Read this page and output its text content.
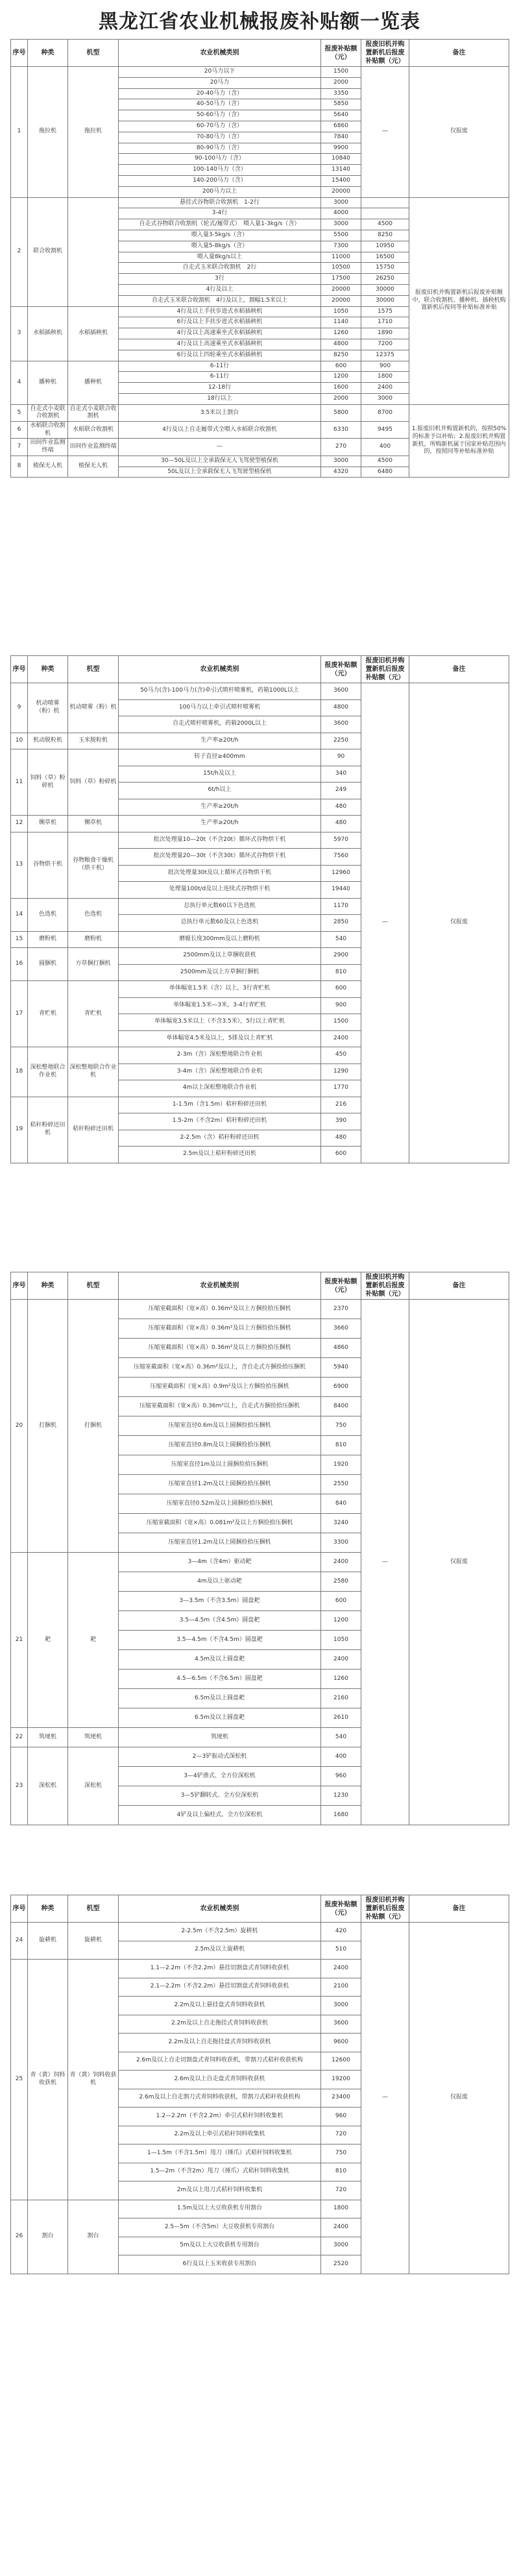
黑龙江省农业机械报废补贴额一览表
序号	种类	机型	农业机械类别	报废补贴额（元）	报废旧机并购置新机后报废补贴额（元）	备注
1	拖拉机	拖拉机	20马力以下	1500	—	仅报废
			20马力	2000		
			20-40马力（含）	3350		
			40-50马力（含）	5850		
			50-60马力（含）	5640		
			60-70马力（含）	6860		
			70-80马力（含）	7840		
			80-90马力（含）	9900		
			90-100马力（含）	10840		
			100-140马力（含）	13140		
			140-200马力（含）	15400		
			200马力以上	20000		
2	联合收割机		悬挂式谷物联合收割机　1-2行	3000		报废旧机并购置新机后报废补贴额中，联合收割机、播种机、插秧机购置新机后按同等补贴标准补贴
			3-4行	4000		
			自走式谷物联合收割机（轮式/履带式）　喂入量1-3kg/s（含）	3000	4500	
			喂入量3-5kg/s（含）	5500	8250	
			喂入量5-8kg/s（含）	7300	10950	
			喂入量8kg/s以上	11000	16500	
			自走式玉米联合收割机　2行	10500	15750	
			3行	17500	26250	
			4行及以上	20000	30000	
			自走式玉米联合收割机　4行及以上，割幅1.5米以上	20000	30000	
3	水稻插秧机	水稻插秧机	4行及以上手扶步进式水稻插秧机	1050	1575	
			6行及以上手扶步进式水稻插秧机	1140	1710	
			4行及以上高速乘坐式水稻插秧机	1260	1890	
			4行及以上高速乘坐式水稻插秧机	4800	7200	
			6行及以上四轮乘坐式水稻插秧机	8250	12375	
4	播种机	播种机	6-11行	600	900	
			6-11行	1200	1800	
			12-18行	1600	2400	
			18行以上	2000	3000	
5	自走式小麦联合收割机	自走式小麦联合收割机	3.5米以上割台	5800	8700	1.报废旧机并购置新机的，按照50%的标准予以补贴；2.报废旧机并购置新机，所购新机属于国家补贴范围内的，按照同等补贴标准补贴
6	水稻联合收割机	水稻联合收割机	4行及以上自走履带式全喂入水稻联合收割机	6330	9495	
7	田间作业监测终端	田间作业监测终端	—	270	400	
8	植保无人机	植保无人机	30—50L及以上全承载保无人飞驾驶型植保机	3000	4500	
			50L及以上全承载保无人飞驾驶型植保机	4320	6480	
序号	种类	机型	农业机械类别	报废补贴额（元）	报废旧机并购置新机后报废补贴额（元）	备注
9	机动喷雾（粉）机	机动喷雾（粉）机	50马力(含)-100马力(含)牵引式喷杆喷雾机，药箱1000L以上	3600	—	仅报废
			100马力以上牵引式喷杆喷雾机	4800		
			自走式喷杆喷雾机，药箱2000L以上	3600		
10	机动脱粒机	玉米脱粒机	生产率≥20t/h	2250		
11	饲料（草）粉碎机	饲料（草）粉碎机	转子直径≥400mm	90		
			15t/h及以上	340		
			6t/h以上	249		
			生产率≥20t/h	480		
12	铡草机	铡草机	生产率≥20t/h	480		
13	谷物烘干机	谷物粮食干燥机（烘干机）	批次处理量10—20t（不含20t）循环式谷物烘干机	5970		
			批次处理量20—30t（不含30t）循环式谷物烘干机	7560		
			批次处理量30t及以上循环式谷物烘干机	12960		
			处理量100t/d及以上连续式谷物烘干机	19440		
14	色选机	色选机	总执行单元数60以下色选机	1170		
			总执行单元数60及以上色选机	2850		
15	磨粉机	磨粉机	磨辊长度300mm及以上磨粉机	540		
16	圆捆机	方草捆打捆机	2500mm及以上草捆收获机	2900		
			2500mm及以上方草捆打捆机	810		
17	青贮机	青贮机	单体幅宽1.5米（含）以上，3行青贮机	600		
			单体幅宽1.5米—3米，3-4行青贮机	900		
			单体幅宽3.5米以上（不含3.5米），5行以上青贮机	1500		
			单体幅宽4.5米及以上，5排及以上青贮机	2400		
18	深松整地联合作业机	深松整地联合作业机	2-3m（含）深松整地联合作业机	450		
			3-4m（含）深松整地联合作业机	1290		
			4m以上深松整地联合作业机	1770		
19	秸秆粉碎还田机	秸秆粉碎还田机	1-1.5m（含1.5m）秸秆粉碎还田机	216		
			1.5-2m（不含2m）秸秆粉碎还田机	390		
			2-2.5m（含）秸秆粉碎还田机	480		
			2.5m及以上秸秆粉碎还田机	600		
序号	种类	机型	农业机械类别	报废补贴额（元）	报废旧机并购置新机后报废补贴额（元）	备注
20	打捆机	打捆机	压缩室截面积（宽×高）0.36m²及以上方捆捡拾压捆机	2370	—	仅报废
			压缩室截面积（宽×高）0.36m²及以上方捆捡拾压捆机	3660		
			压缩室截面积（宽×高）0.36m²及以上方捆捡拾压捆机	4860		
			压缩室截面积（宽×高）0.36m²及以上，含自走式方捆捡拾压捆机	5940		
			压缩室截面积（宽×高）0.9m²及以上方捆捡拾压捆机	6900		
			压缩室截面积（宽×高）0.36m²以上，自走式方捆捡拾压捆机	8400		
			压缩室直径0.6m及以上圆捆捡拾压捆机	750		
			压缩室直径0.8m及以上圆捆捡拾压捆机	810		
			压缩室直径1m及以上圆捆捡拾压捆机	1920		
			压缩室直径1.2m及以上圆捆捡拾压捆机	2550		
			压缩室直径0.52m及以上圆捆捡拾压捆机	840		
			压缩室截面积（宽×高）0.081m²及以上方捆捡拾压捆机	3240		
			压缩室直径1.2m及以上圆捆捡拾压捆机	3300		
21	耙	耙	3—4m（含4m）驱动耙	2400		
			4m及以上驱动耙	2580		
			3—3.5m（不含3.5m）圆盘耙	600		
			3.5—4.5m（含4.5m）圆盘耙	1200		
			3.5—4.5m（不含4.5m）圆盘耙	1050		
			4.5m及以上圆盘耙	2400		
			4.5—6.5m（不含6.5m）圆盘耙	1260		
			6.5m及以上圆盘耙	2160		
			6.5m及以上圆盘耙	2610		
22	筑埂机	筑埂机	筑埂机	540		
23	深松机	深松机	2—3铲振动式深松机	400		
			3—4铲凿式、全方位深松机	960		
			3—5铲翻转式、全方位深松机	1230		
			4铲及以上偏柱式、全方位深松机	1680		
序号	种类	机型	农业机械类别	报废补贴额（元）	报废旧机并购置新机后报废补贴额（元）	备注
24	旋耕机	旋耕机	2-2.5m（不含2.5m）旋耕机	420	—	仅报废
			2.5m及以上旋耕机	510		
25	青（黄）饲料收获机	青（黄）饲料收获机	1.1—2.2m（不含2.2m）悬挂切割盘式青饲料收获机	2400		
			2.1—2.2m（不含2.2m）悬挂切割盘式青饲料收获机	2100		
			2.2m及以上悬挂盘式青饲料收获机	3000		
			2.2m及以上自走拖挂式青饲料收获机	3600		
			2.2m及以上自走拖挂盘式青饲料收获机	9600		
			2.6m及以上自走切割盘式青饲料收获机，带割刀式秸秆收获机构	12600		
			2.6m及以上自走盘式青饲料收获机	19200		
			2.6m及以上自走割刀式青饲料收获机，带割刀式秸秆收获机构	23400		
			1.2—2.2m（不含2.2m）牵引式秸秆饲料收集机	960		
			2.2m及以上牵引式秸秆饲料收集机	720		
			1—1.5m（不含1.5m）甩刀（捶爪）式秸秆饲料收集机	750		
			1.5—2m（不含2m）甩刀（捶爪）式秸秆饲料收集机	810		
			2m及以上甩刀式秸秆饲料收集机	720		
26	割台	割台	1.5m及以上大豆收获机专用割台	1800		
			2.5—5m（不含5m）大豆收获机专用割台	2400		
			5m及以上大豆收获机专用割台	3000		
			6行及以上玉米收获专用割台	2520		
